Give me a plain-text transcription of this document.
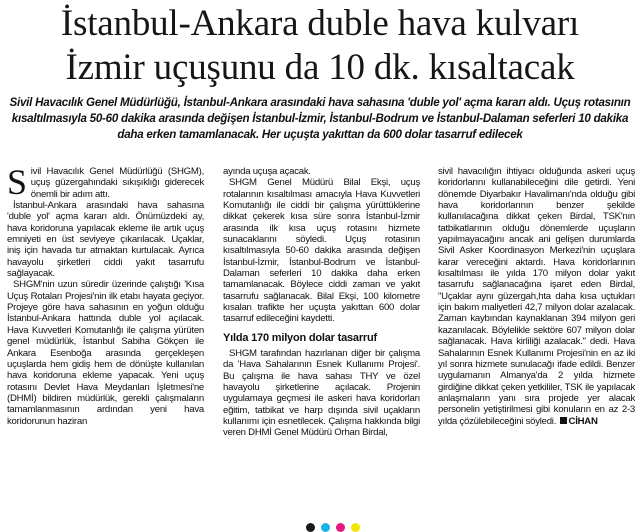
İstanbul-Ankara duble hava kulvarı
İzmir uçuşunu da 10 dk. kısaltacak
Sivil Havacılık Genel Müdürlüğü, İstanbul-Ankara arasındaki hava sahasına 'duble yol' açma kararı aldı. Uçuş rotasının kısaltılmasıyla 50-60 dakika arasında değişen İstanbul-İzmir, İstanbul-Bodrum ve İstanbul-Dalaman seferleri 10 dakika daha erken tamamlanacak. Her uçuşta yakıttan da 600 dolar tasarruf edilecek

Sivil Havacılık Genel Müdürlüğü (SHGM), uçuş güzergahındaki sıkışıklığı giderecek önemli bir adım attı.

İstanbul-Ankara arasındaki hava sahasına 'duble yol' açma kararı aldı. Önümüzdeki ay, hava koridoruna yapılacak ekleme ile artık uçuş emniyeti en üst seviyeye çıkarılacak. Uçaklar, iniş için havada tur atmaktan kurtulacak. Ayrıca havayolu şirketleri ciddi yakıt tasarrufu sağlayacak.

SHGM'nin uzun süredir üzerinde çalıştığı 'Kısa Uçuş Rotaları Projesi'nin ilk etabı hayata geçiyor. Projeye göre hava sahasının en yoğun olduğu İstanbul-Ankara hattında duble yol açılacak. Hava Kuvvetleri Komutanlığı ile çalışma yürüten genel müdürlük, İstanbul Sabiha Gökçen ile Ankara Esenboğa arasında gerçekleşen uçuşlarda hem gidiş hem de dönüşte kullanılan hava koridoruna ekleme yapacak. Yeni uçuş rotasını Devlet Hava Meydanları İşletmesi'ne (DHMİ) bildiren müdürlük, gerekli çalışmaların tamamlanmasının ardından yeni hava koridorunun haziran

ayında uçuşa açacak.

SHGM Genel Müdürü Bilal Ekşi, uçuş rotalarının kısaltılması amacıyla Hava Kuvvetleri Komutanlığı ile ciddi bir çalışma yürüttüklerine dikkat çekerek kısa süre sonra İstanbul-İzmir arasında ilk kısa uçuş rotasını hizmete sunacaklarını söyledi. Uçuş rotasının kısaltılmasıyla 50-60 dakika arasında değişen İstanbul-İzmir, İstanbul-Bodrum ve İstanbul-Dalaman seferleri 10 dakika daha erken tamamlanacak. Böylece ciddi zaman ve yakıt tasarrufu sağlanacak. Bilal Ekşi, 100 kilometre kısalan trafikte her uçuşta yakıttan 600 dolar tasarruf edileceğini kaydetti.

Yılda 170 milyon dolar tasarruf

SHGM tarafından hazırlanan diğer bir çalışma da 'Hava Sahalarının Esnek Kullanımı Projesi'. Bu çalışma ile hava sahası THY ve özel havayolu şirketlerine açılacak. Projenin uygulamaya geçmesi ile askeri hava koridorları eğitim, tatbikat ve harp dışında sivil uçakların kullanımı için esnetilecek. Çalışma hakkında bilgi veren DHMİ Genel Müdürü Orhan Birdal,

sivil havacılığın ihtiyacı olduğunda askeri uçuş koridorlarını kullanabileceğini dile getirdi. Yeni dönemde Diyarbakır Havalimanı'nda olduğu gibi hava koridorlarının benzer şekilde kullanılacağına dikkat çeken Birdal, TSK'nın tatbikatlarının olduğu dönemlerde uçuşların yapılmayacağını ancak ani gelişen durumlarda Sivil Asker Koordinasyon Merkezi'nin uçuşlara karar vereceğini aktardı. Hava koridorlarının kısaltılması ile yılda 170 milyon dolar yakıt tasarrufu sağlanacağına işaret eden Birdal, "Uçaklar aynı güzergah,hta daha kısa uçtukları için bakım maliyetleri 42,7 milyon dolar azalacak. Zaman kaybından kaynaklanan 394 milyon geri kazanılacak. Böylelikle sektöre 607 milyon dolar sağlanacak. Hava kirliliği azalacak." dedi. Hava Sahalarının Esnek Kullanımı Projesi'nin en az iki yıl sonra hizmete sunulacağı ifade edildi. Benzer uygulamanın Almanya'da 2 yılda hizmete girdiğine dikkat çeken yetkililer, TSK ile yapılacak anlaşmaların yanı sıra projede yer alacak personelin yetiştirilmesi gibi konuların en az 2-3 yılda çözülebileceğini söyledi. CİHAN
